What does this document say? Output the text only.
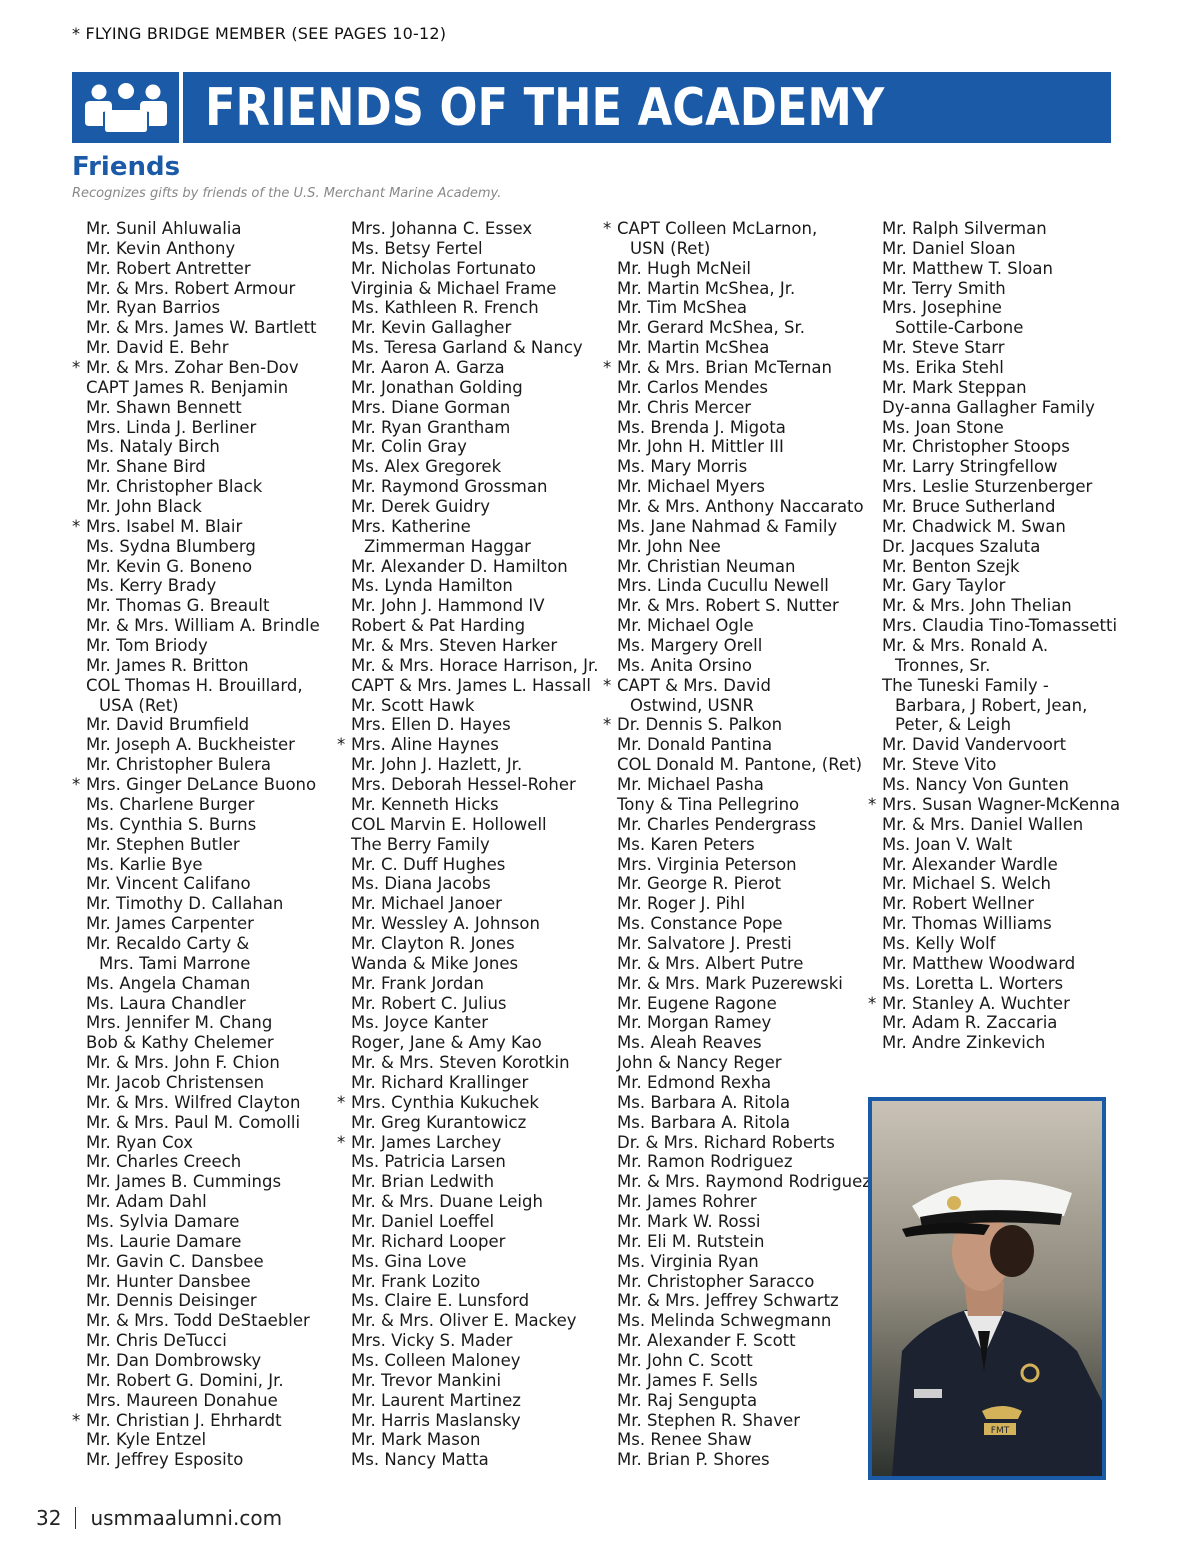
* FLYING BRIDGE MEMBER (SEE PAGES 10-12)
FRIENDS OF THE ACADEMY
Friends
Recognizes gifts by friends of the U.S. Merchant Marine Academy.
Mr. Sunil Ahluwalia
Mr. Kevin Anthony
Mr. Robert Antretter
Mr. & Mrs. Robert Armour
Mr. Ryan Barrios
Mr. & Mrs. James W. Bartlett
Mr. David E. Behr
* Mr. & Mrs. Zohar Ben-Dov
CAPT James R. Benjamin
Mr. Shawn Bennett
Mrs. Linda J. Berliner
Ms. Nataly Birch
Mr. Shane Bird
Mr. Christopher Black
Mr. John Black
* Mrs. Isabel M. Blair
Ms. Sydna Blumberg
Mr. Kevin G. Boneno
Ms. Kerry Brady
Mr. Thomas G. Breault
Mr. & Mrs. William A. Brindle
Mr. Tom Briody
Mr. James R. Britton
COL Thomas H. Brouillard,
USA (Ret)
Mr. David Brumfield
Mr. Joseph A. Buckheister
Mr. Christopher Bulera
* Mrs. Ginger DeLance Buono
Ms. Charlene Burger
Ms. Cynthia S. Burns
Mr. Stephen Butler
Ms. Karlie Bye
Mr. Vincent Califano
Mr. Timothy D. Callahan
Mr. James Carpenter
Mr. Recaldo Carty &
Mrs. Tami Marrone
Ms. Angela Chaman
Ms. Laura Chandler
Mrs. Jennifer M. Chang
Bob & Kathy Chelemer
Mr. & Mrs. John F. Chion
Mr. Jacob Christensen
Mr. & Mrs. Wilfred Clayton
Mr. & Mrs. Paul M. Comolli
Mr. Ryan Cox
Mr. Charles Creech
Mr. James B. Cummings
Mr. Adam Dahl
Ms. Sylvia Damare
Ms. Laurie Damare
Mr. Gavin C. Dansbee
Mr. Hunter Dansbee
Mr. Dennis Deisinger
Mr. & Mrs. Todd DeStaebler
Mr. Chris DeTucci
Mr. Dan Dombrowsky
Mr. Robert G. Domini, Jr.
Mrs. Maureen Donahue
* Mr. Christian J. Ehrhardt
Mr. Kyle Entzel
Mr. Jeffrey Esposito
Mrs. Johanna C. Essex
Ms. Betsy Fertel
Mr. Nicholas Fortunato
Virginia & Michael Frame
Ms. Kathleen R. French
Mr. Kevin Gallagher
Ms. Teresa Garland & Nancy
Mr. Aaron A. Garza
Mr. Jonathan Golding
Mrs. Diane Gorman
Mr. Ryan Grantham
Mr. Colin Gray
Ms. Alex Gregorek
Mr. Raymond Grossman
Mr. Derek Guidry
Mrs. Katherine
Zimmerman Haggar
Mr. Alexander D. Hamilton
Ms. Lynda Hamilton
Mr. John J. Hammond IV
Robert & Pat Harding
Mr. & Mrs. Steven Harker
Mr. & Mrs. Horace Harrison, Jr.
CAPT & Mrs. James L. Hassall
Mr. Scott Hawk
Mrs. Ellen D. Hayes
* Mrs. Aline Haynes
Mr. John J. Hazlett, Jr.
Mrs. Deborah Hessel-Roher
Mr. Kenneth Hicks
COL Marvin E. Hollowell
The Berry Family
Mr. C. Duff Hughes
Ms. Diana Jacobs
Mr. Michael Janoer
Mr. Wessley A. Johnson
Mr. Clayton R. Jones
Wanda & Mike Jones
Mr. Frank Jordan
Mr. Robert C. Julius
Ms. Joyce Kanter
Roger, Jane & Amy Kao
Mr. & Mrs. Steven Korotkin
Mr. Richard Krallinger
* Mrs. Cynthia Kukuchek
Mr. Greg Kurantowicz
* Mr. James Larchey
Ms. Patricia Larsen
Mr. Brian Ledwith
Mr. & Mrs. Duane Leigh
Mr. Daniel Loeffel
Mr. Richard Looper
Ms. Gina Love
Mr. Frank Lozito
Ms. Claire E. Lunsford
Mr. & Mrs. Oliver E. Mackey
Mrs. Vicky S. Mader
Ms. Colleen Maloney
Mr. Trevor Mankini
Mr. Laurent Martinez
Mr. Harris Maslansky
Mr. Mark Mason
Ms. Nancy Matta
* CAPT Colleen McLarnon,
USN (Ret)
Mr. Hugh McNeil
Mr. Martin McShea, Jr.
Mr. Tim McShea
Mr. Gerard McShea, Sr.
Mr. Martin McShea
* Mr. & Mrs. Brian McTernan
Mr. Carlos Mendes
Mr. Chris Mercer
Ms. Brenda J. Migota
Mr. John H. Mittler III
Ms. Mary Morris
Mr. Michael Myers
Mr. & Mrs. Anthony Naccarato
Ms. Jane Nahmad & Family
Mr. John Nee
Mr. Christian Neuman
Mrs. Linda Cucullu Newell
Mr. & Mrs. Robert S. Nutter
Mr. Michael Ogle
Ms. Margery Orell
Ms. Anita Orsino
* CAPT & Mrs. David
Ostwind, USNR
* Dr. Dennis S. Palkon
Mr. Donald Pantina
COL Donald M. Pantone, (Ret)
Mr. Michael Pasha
Tony & Tina Pellegrino
Mr. Charles Pendergrass
Ms. Karen Peters
Mrs. Virginia Peterson
Mr. George R. Pierot
Mr. Roger J. Pihl
Ms. Constance Pope
Mr. Salvatore J. Presti
Mr. & Mrs. Albert Putre
Mr. & Mrs. Mark Puzerewski
Mr. Eugene Ragone
Mr. Morgan Ramey
Ms. Aleah Reaves
John & Nancy Reger
Mr. Edmond Rexha
Ms. Barbara A. Ritola
Ms. Barbara A. Ritola
Dr. & Mrs. Richard Roberts
Mr. Ramon Rodriguez
Mr. & Mrs. Raymond Rodriguez
Mr. James Rohrer
Mr. Mark W. Rossi
Mr. Eli M. Rutstein
Ms. Virginia Ryan
Mr. Christopher Saracco
Mr. & Mrs. Jeffrey Schwartz
Ms. Melinda Schwegmann
Mr. Alexander F. Scott
Mr. John C. Scott
Mr. James F. Sells
Mr. Raj Sengupta
Mr. Stephen R. Shaver
Ms. Renee Shaw
Mr. Brian P. Shores
Mr. Ralph Silverman
Mr. Daniel Sloan
Mr. Matthew T. Sloan
Mr. Terry Smith
Mrs. Josephine
Sottile-Carbone
Mr. Steve Starr
Ms. Erika Stehl
Mr. Mark Steppan
Dy-anna Gallagher Family
Ms. Joan Stone
Mr. Christopher Stoops
Mr. Larry Stringfellow
Mrs. Leslie Sturzenberger
Mr. Bruce Sutherland
Mr. Chadwick M. Swan
Dr. Jacques Szaluta
Mr. Benton Szejk
Mr. Gary Taylor
Mr. & Mrs. John Thelian
Mrs. Claudia Tino-Tomassetti
Mr. & Mrs. Ronald A.
Tronnes, Sr.
The Tuneski Family -
Barbara, J Robert, Jean,
Peter, & Leigh
Mr. David Vandervoort
Mr. Steve Vito
Ms. Nancy Von Gunten
* Mrs. Susan Wagner-McKenna
Mr. & Mrs. Daniel Wallen
Ms. Joan V. Walt
Mr. Alexander Wardle
Mr. Michael S. Welch
Mr. Robert Wellner
Mr. Thomas Williams
Ms. Kelly Wolf
Mr. Matthew Woodward
Ms. Loretta L. Worters
* Mr. Stanley A. Wuchter
Mr. Adam R. Zaccaria
Mr. Andre Zinkevich
FMT
32 usmmaalumni.com
